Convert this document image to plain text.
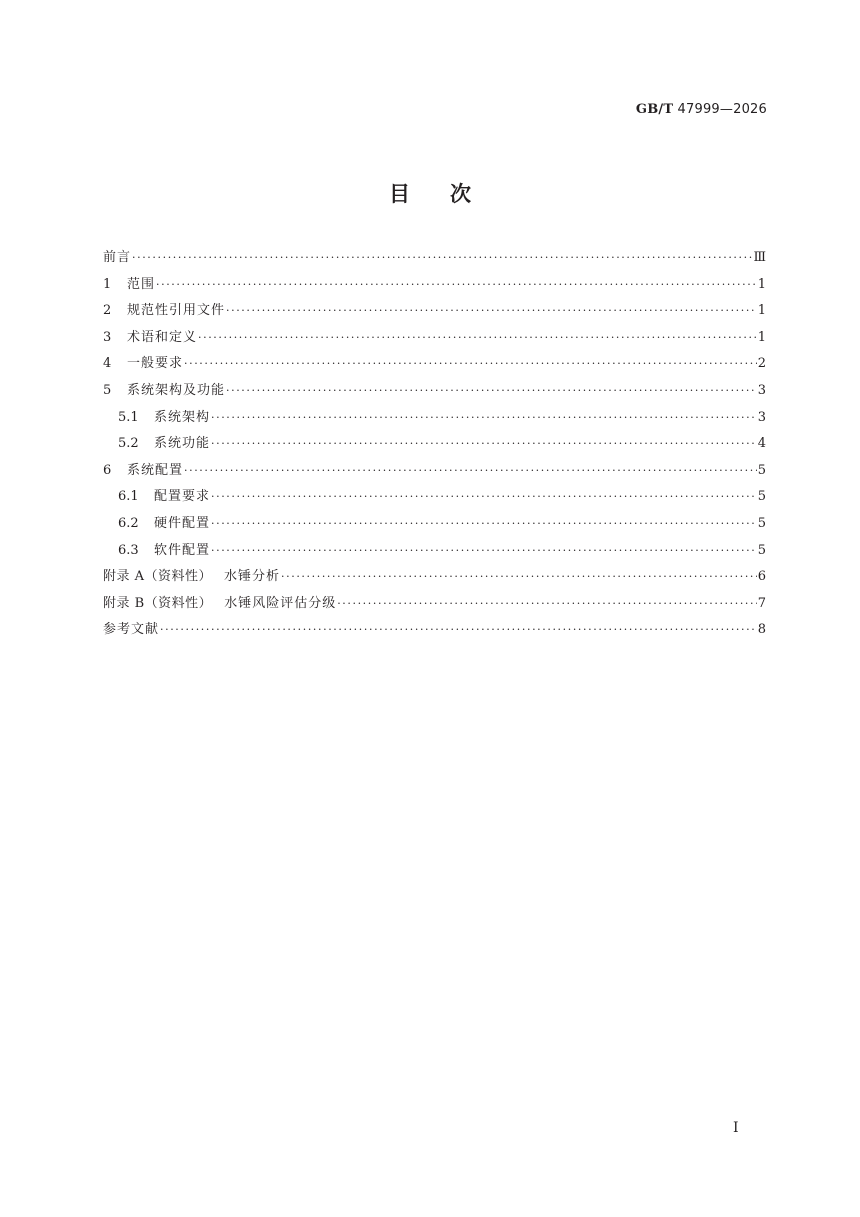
GB/T 47999—2026
目次
前言 ·····	Ⅲ
1	范围 ·····	1
2	规范性引用文件 ·····	1
3	术语和定义 ·····	1
4	一般要求 ·····	2
5	系统架构及功能 ·····	3
5.1	系统架构 ·····	3
5.2	系统功能 ·····	4
6	系统配置 ·····	5
6.1	配置要求 ·····	5
6.2	硬件配置 ·····	5
6.3	软件配置 ·····	5
附录 A（资料性） 水锤分析 ·····	6
附录 B（资料性） 水锤风险评估分级 ·····	7
参考文献 ·····	8
I
